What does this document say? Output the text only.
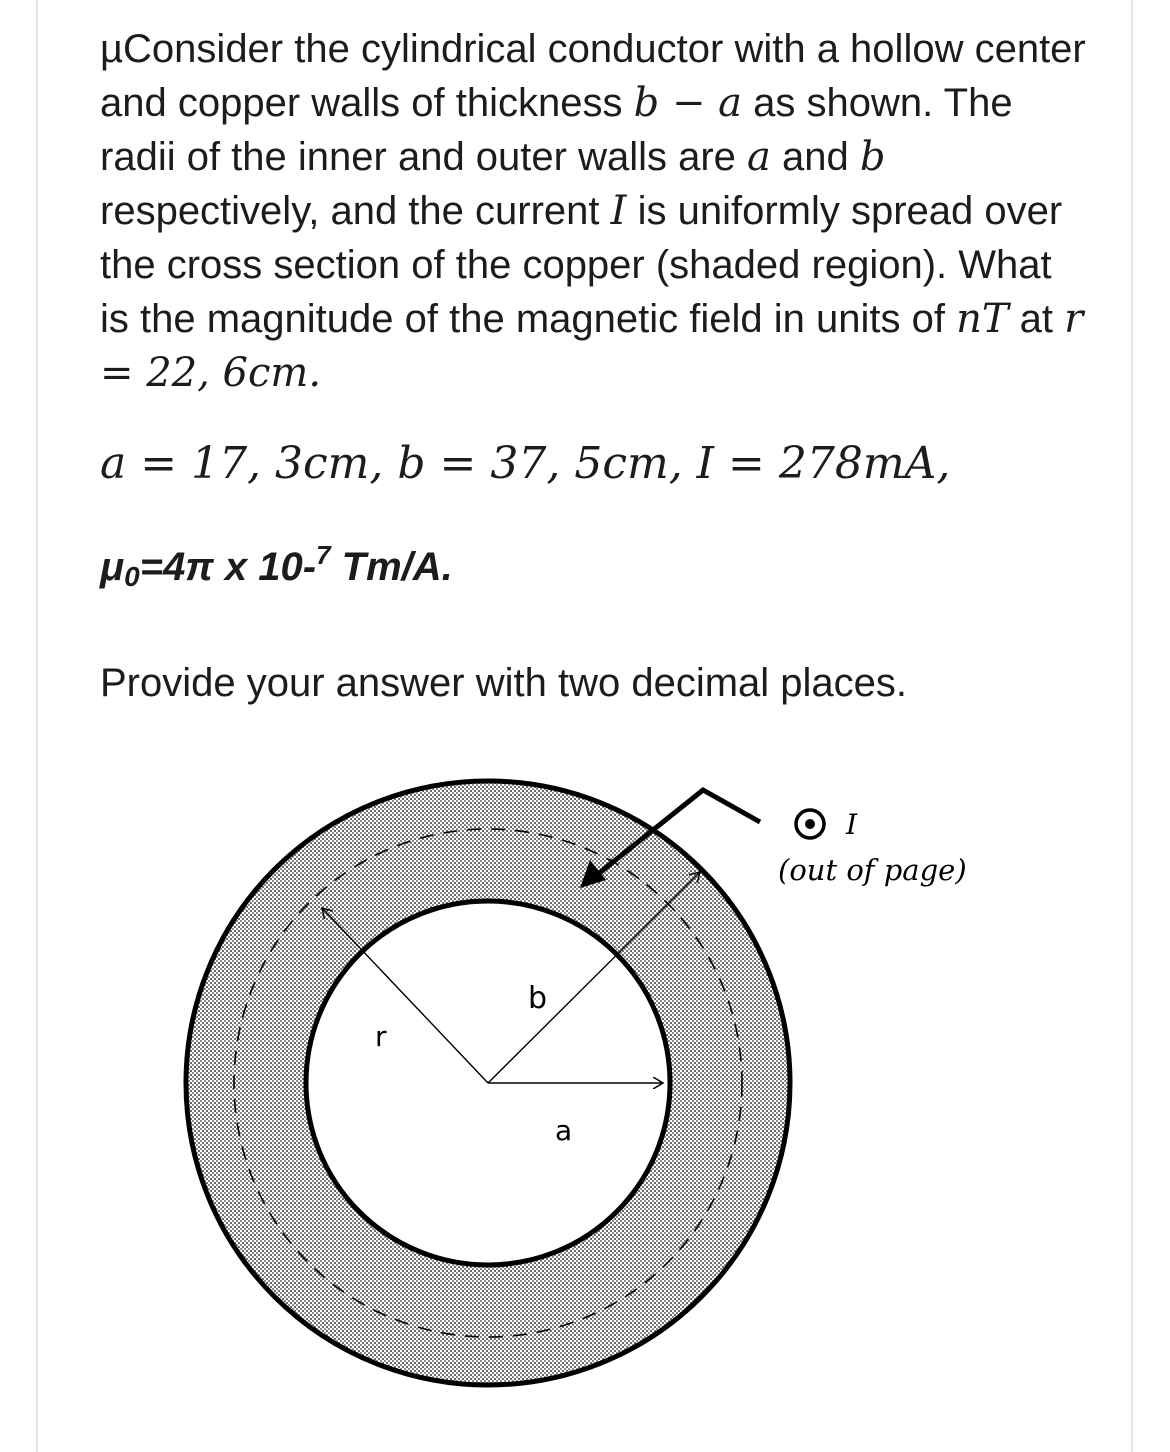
µConsider the cylindrical conductor with a hollow center and copper walls of thickness b − a as shown. The radii of the inner and outer walls are a and b respectively, and the current I is uniformly spread over the cross section of the copper (shaded region). What is the magnitude of the magnetic field in units of nT at r = 22, 6cm.

a = 17, 3cm, b = 37, 5cm, I = 278mA,
$\mu_0=4\pi$ x 10-$^7$ Tm/A.
Provide your answer with two decimal places.
r
b
a
I
(out of page)
